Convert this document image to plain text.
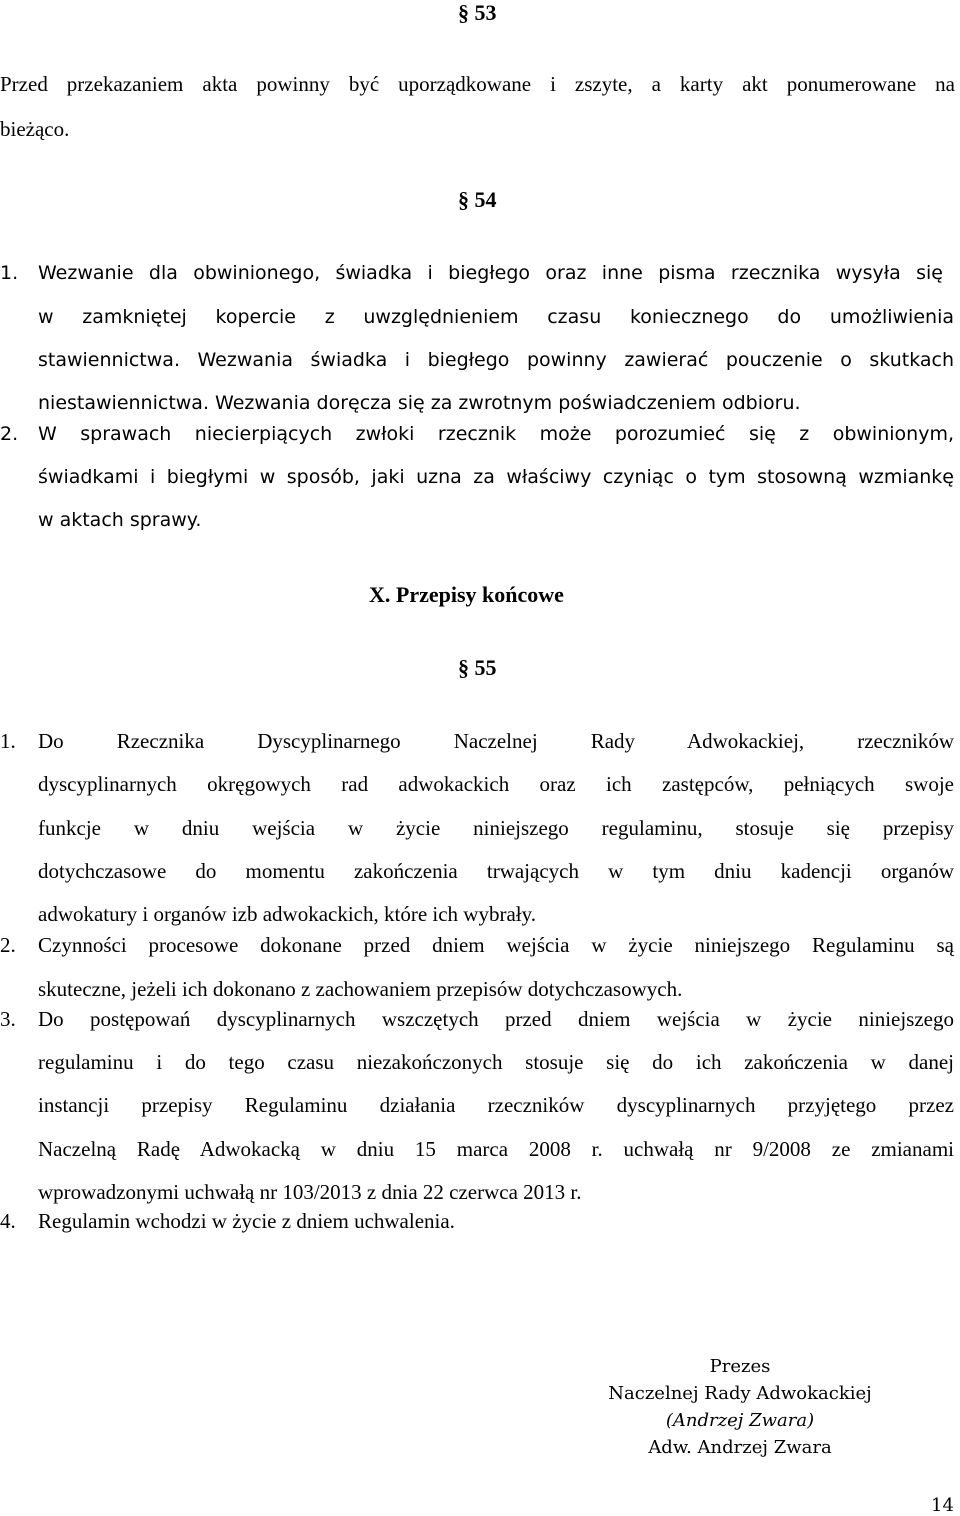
§ 53
Przed przekazaniem akta powinny być uporządkowane i zszyte, a karty akt ponumerowane na
bieżąco.
§ 54
1. Wezwanie dla obwinionego, świadka i biegłego oraz inne pisma rzecznika wysyła się
w zamkniętej kopercie z uwzględnieniem czasu koniecznego do umożliwienia
stawiennictwa. Wezwania świadka i biegłego powinny zawierać pouczenie o skutkach
niestawiennictwa. Wezwania doręcza się za zwrotnym poświadczeniem odbioru.
2. W sprawach niecierpiących zwłoki rzecznik może porozumieć się z obwinionym,
świadkami i biegłymi w sposób, jaki uzna za właściwy czyniąc o tym stosowną wzmiankę
w aktach sprawy.
X. Przepisy końcowe
§ 55
1. Do Rzecznika Dyscyplinarnego Naczelnej Rady Adwokackiej, rzeczników
dyscyplinarnych okręgowych rad adwokackich oraz ich zastępców, pełniących swoje
funkcje w dniu wejścia w życie niniejszego regulaminu, stosuje się przepisy
dotychczasowe do momentu zakończenia trwających w tym dniu kadencji organów
adwokatury i organów izb adwokackich, które ich wybrały.
2. Czynności procesowe dokonane przed dniem wejścia w życie niniejszego Regulaminu są
skuteczne, jeżeli ich dokonano z zachowaniem przepisów dotychczasowych.
3. Do postępowań dyscyplinarnych wszczętych przed dniem wejścia w życie niniejszego
regulaminu i do tego czasu niezakończonych stosuje się do ich zakończenia w danej
instancji przepisy Regulaminu działania rzeczników dyscyplinarnych przyjętego przez
Naczelną Radę Adwokacką w dniu 15 marca 2008 r. uchwałą nr 9/2008 ze zmianami
wprowadzonymi uchwałą nr 103/2013 z dnia 22 czerwca 2013 r.
4. Regulamin wchodzi w życie z dniem uchwalenia.
Prezes
Naczelnej Rady Adwokackiej
(Andrzej Zwara)
Adw. Andrzej Zwara
14
